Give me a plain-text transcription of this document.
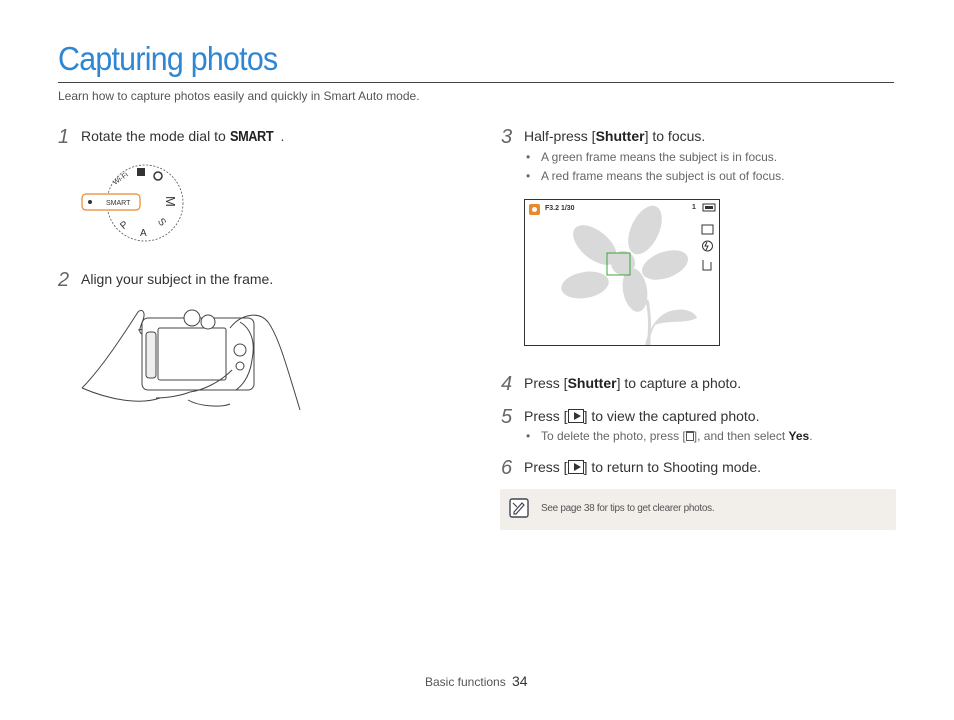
Capturing photos
Learn how to capture photos easily and quickly in Smart Auto mode.
1 Rotate the mode dial to SMART .
Wi-Fi
M
S
A
P
SMART
2 Align your subject in the frame.
3 Half-press [Shutter] to focus.
• A green frame means the subject is in focus.
• A red frame means the subject is out of focus.
F3.2 1/30	1
4 Press [Shutter] to capture a photo.
5 Press [ ] to view the captured photo.
• To delete the photo, press [ ], and then select Yes.
6 Press [ ] to return to Shooting mode.
See page 38 for tips to get clearer photos.
Basic functions 34
